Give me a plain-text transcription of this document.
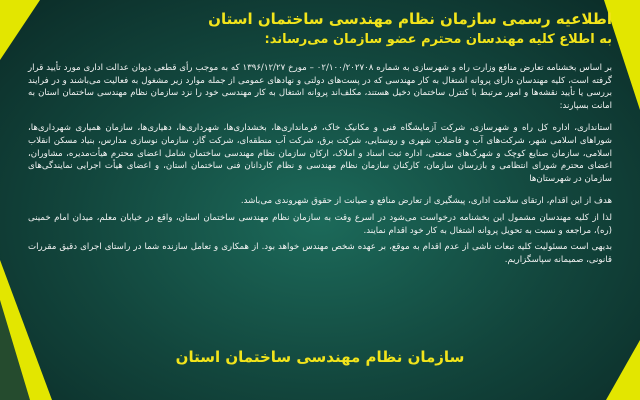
اطلاعیه رسمی سازمان نظام مهندسی ساختمان استان
به اطلاع کلیه مهندسان محترم عضو سازمان می‌رساند:

بر اساس بخشنامه تعارض منافع وزارت راه و شهرسازی به شماره ۰۲/۱۰۰/۲۰۲۷۰۸ – مورخ ۱۳۹۶/۱۲/۲۷ که به موجب رأی قطعی دیوان عدالت اداری مورد تأیید قرار گرفته است، کلیه مهندسان دارای پروانه اشتغال به کار مهندسی که در پست‌های دولتی و نهادهای عمومی از جمله موارد زیر مشغول به فعالیت می‌باشند و در فرایند بررسی یا تأیید نقشه‌ها و امور مرتبط با کنترل ساختمان دخیل هستند، مکلف‌اند پروانه اشتغال به کار مهندسی خود را نزد سازمان نظام مهندسی ساختمان استان به امانت بسپارند:

استانداری، اداره کل راه و شهرسازی، شرکت آزمایشگاه فنی و مکانیک خاک، فرمانداری‌ها، بخشداری‌ها، شهرداری‌ها، دهیاری‌ها، سازمان همیاری شهرداری‌ها، شوراهای اسلامی شهر، شرکت‌های آب و فاضلاب شهری و روستایی، شرکت برق، شرکت آب منطقه‌ای، شرکت گاز، سازمان نوسازی مدارس، بنیاد مسکن انقلاب اسلامی، سازمان صنایع کوچک و شهرک‌های صنعتی، اداره ثبت اسناد و املاک، ارکان سازمان نظام مهندسی ساختمان شامل اعضای محترم هیأت‌مدیره، مشاوران، اعضای محترم شورای انتظامی و بازرسان سازمان، کارکنان سازمان نظام مهندسی و نظام کاردانان فنی ساختمان استان، و اعضای هیأت اجرایی نمایندگی‌های سازمان در شهرستان‌ها

هدف از این اقدام، ارتقای سلامت اداری، پیشگیری از تعارض منافع و صیانت از حقوق شهروندی می‌باشد.

لذا از کلیه مهندسان مشمول این بخشنامه درخواست می‌شود در اسرع وقت به سازمان نظام مهندسی ساختمان استان، واقع در خیابان معلم، میدان امام خمینی (ره)، مراجعه و نسبت به تحویل پروانه اشتغال به کار خود اقدام نمایند.

بدیهی است مسئولیت کلیه تبعات ناشی از عدم اقدام به موقع، بر عهده شخص مهندس خواهد بود. از همکاری و تعامل سازنده شما در راستای اجرای دقیق مقررات قانونی، صمیمانه سپاسگزاریم.

سازمان نظام مهندسی ساختمان استان
